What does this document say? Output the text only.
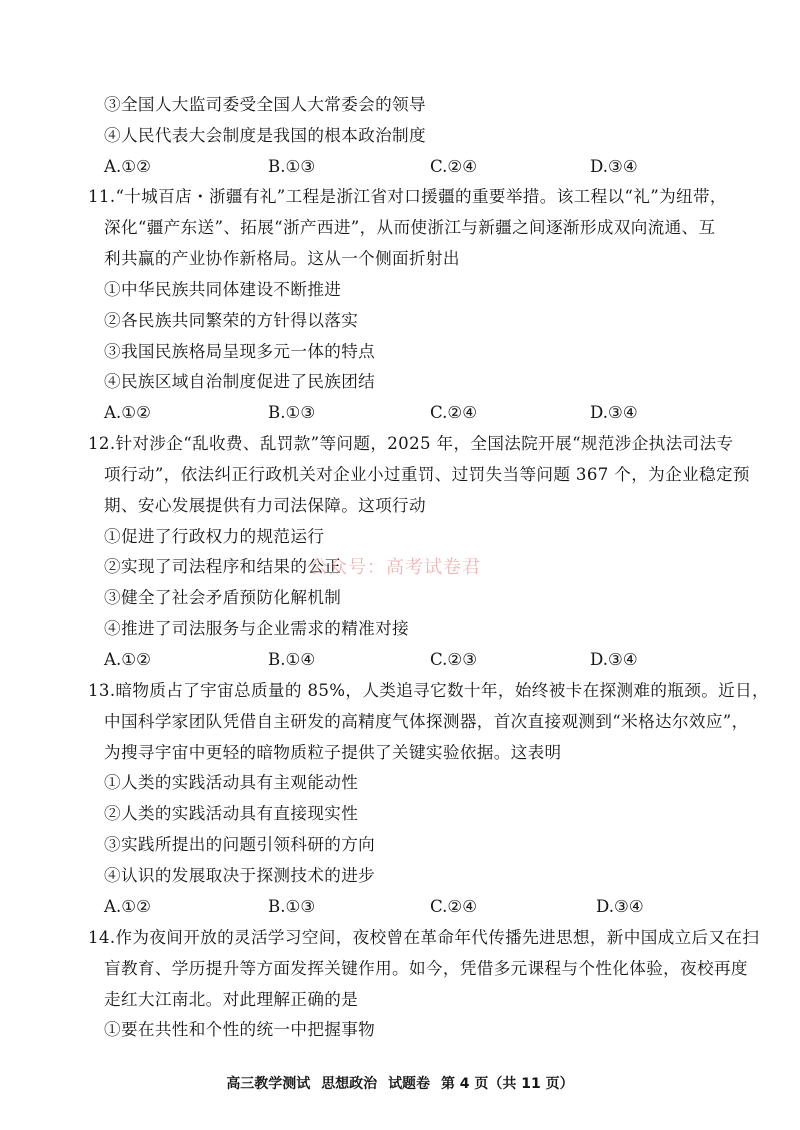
③全国人大监司委受全国人大常委会的领导
④人民代表大会制度是我国的根本政治制度
A.①②	B.①③	C.②④	D.③④
11.“十城百店・浙疆有礼”工程是浙江省对口援疆的重要举措。该工程以“礼”为纽带，
深化“疆产东送”、拓展“浙产西进”，从而使浙江与新疆之间逐渐形成双向流通、互
利共赢的产业协作新格局。这从一个侧面折射出
①中华民族共同体建设不断推进
②各民族共同繁荣的方针得以落实
③我国民族格局呈现多元一体的特点
④民族区域自治制度促进了民族团结
A.①②	B.①③	C.②④	D.③④
12.针对涉企“乱收费、乱罚款”等问题，2025 年，全国法院开展“规范涉企执法司法专
项行动”，依法纠正行政机关对企业小过重罚、过罚失当等问题 367 个，为企业稳定预
期、安心发展提供有力司法保障。这项行动
①促进了行政权力的规范运行
②实现了司法程序和结果的公正
③健全了社会矛盾预防化解机制
④推进了司法服务与企业需求的精准对接
A.①②	B.①④	C.②③	D.③④
13.暗物质占了宇宙总质量的 85%，人类追寻它数十年，始终被卡在探测难的瓶颈。近日，
中国科学家团队凭借自主研发的高精度气体探测器，首次直接观测到“米格达尔效应”，
为搜寻宇宙中更轻的暗物质粒子提供了关键实验依据。这表明
①人类的实践活动具有主观能动性
②人类的实践活动具有直接现实性
③实践所提出的问题引领科研的方向
④认识的发展取决于探测技术的进步
A.①②	B.①③	C.②④	D.③④
14.作为夜间开放的灵活学习空间，夜校曾在革命年代传播先进思想，新中国成立后又在扫
盲教育、学历提升等方面发挥关键作用。如今，凭借多元课程与个性化体验，夜校再度
走红大江南北。对此理解正确的是
①要在共性和个性的统一中把握事物
公众号：高考试卷君
高三教学测试 思想政治 试题卷 第 4 页（共 11 页）
